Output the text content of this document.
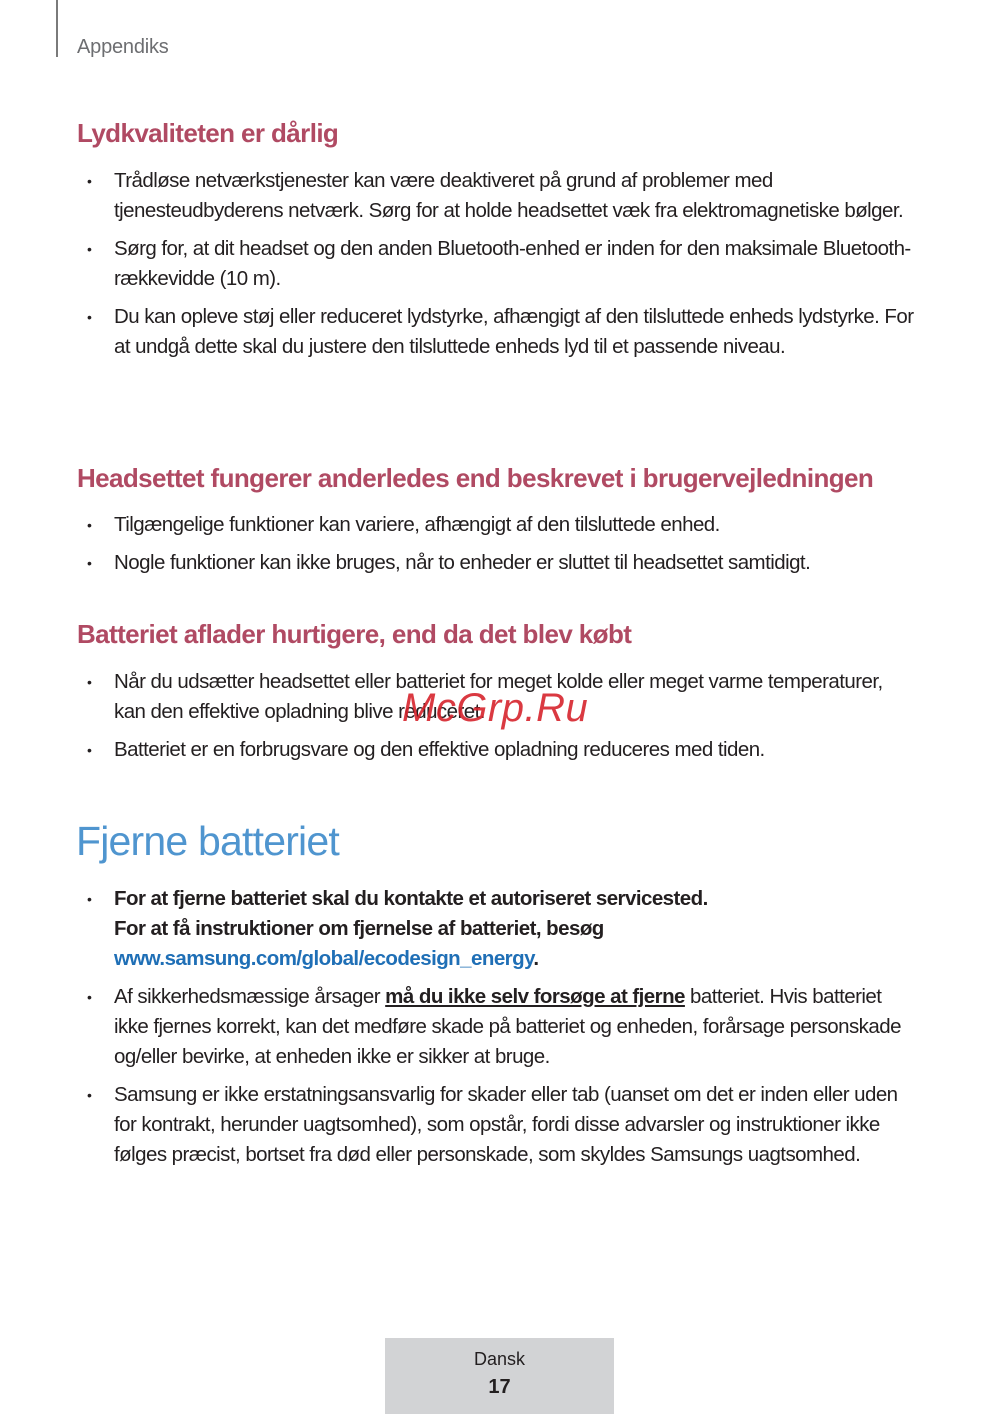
Appendiks
Lydkvaliteten er dårlig
• Trådløse netværkstjenester kan være deaktiveret på grund af problemer med tjenesteudbyderens netværk. Sørg for at holde headsettet væk fra elektromagnetiske bølger.
• Sørg for, at dit headset og den anden Bluetooth-enhed er inden for den maksimale Bluetooth-rækkevidde (10 m).
• Du kan opleve støj eller reduceret lydstyrke, afhængigt af den tilsluttede enheds lydstyrke. For at undgå dette skal du justere den tilsluttede enheds lyd til et passende niveau.
Headsettet fungerer anderledes end beskrevet i brugervejledningen
• Tilgængelige funktioner kan variere, afhængigt af den tilsluttede enhed.
• Nogle funktioner kan ikke bruges, når to enheder er sluttet til headsettet samtidigt.
Batteriet aflader hurtigere, end da det blev købt
• Når du udsætter headsettet eller batteriet for meget kolde eller meget varme temperaturer, kan den effektive opladning blive reduceret.
• Batteriet er en forbrugsvare og den effektive opladning reduceres med tiden.
McGrp.Ru
Fjerne batteriet
• For at fjerne batteriet skal du kontakte et autoriseret servicested.
For at få instruktioner om fjernelse af batteriet, besøg
www.samsung.com/global/ecodesign_energy.
• Af sikkerhedsmæssige årsager må du ikke selv forsøge at fjerne batteriet. Hvis batteriet ikke fjernes korrekt, kan det medføre skade på batteriet og enheden, forårsage personskade og/eller bevirke, at enheden ikke er sikker at bruge.
• Samsung er ikke erstatningsansvarlig for skader eller tab (uanset om det er inden eller uden for kontrakt, herunder uagtsomhed), som opstår, fordi disse advarsler og instruktioner ikke følges præcist, bortset fra død eller personskade, som skyldes Samsungs uagtsomhed.
Dansk
17
